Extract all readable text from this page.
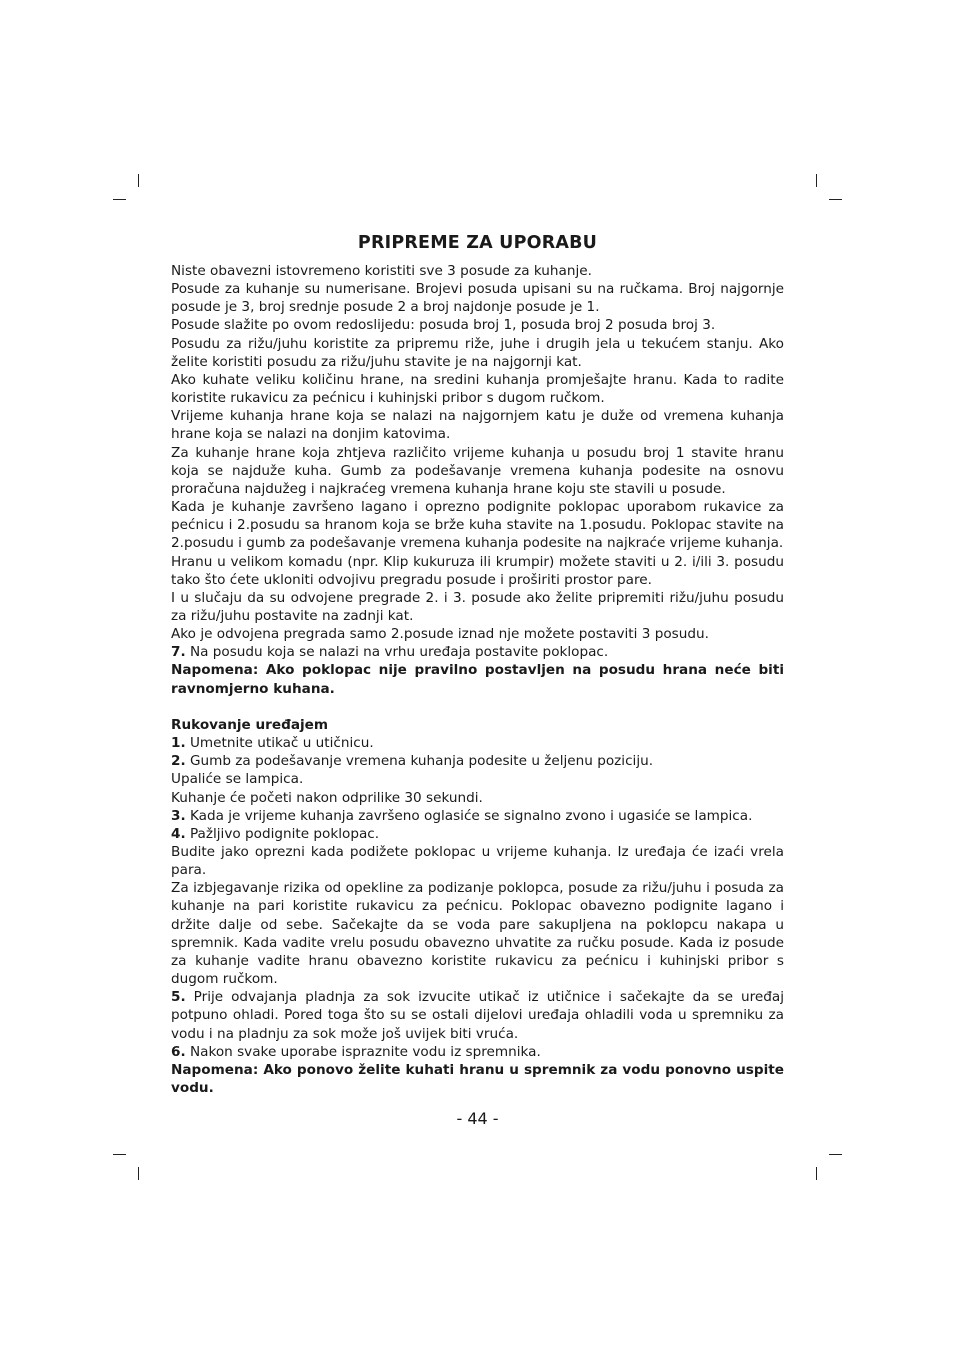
PRIPREME ZA UPORABU

Niste obavezni istovremeno koristiti sve 3 posude za kuhanje.

Posude za kuhanje su numerisane. Brojevi posuda upisani su na ručkama. Broj najgornje posude je 3, broj srednje posude 2 a broj najdonje posude je 1.

Posude slažite po ovom redoslijedu: posuda broj 1, posuda broj 2 posuda broj 3.

Posudu za rižu/juhu koristite za pripremu riže, juhe i drugih jela u tekućem stanju. Ako želite koristiti posudu za rižu/juhu stavite je na najgornji kat.

Ako kuhate veliku količinu hrane, na sredini kuhanja promješajte hranu. Kada to radite koristite rukavicu za pećnicu i kuhinjski pribor s dugom ručkom.

Vrijeme kuhanja hrane koja se nalazi na najgornjem katu je duže od vremena kuhanja hrane koja se nalazi na donjim katovima.

Za kuhanje hrane koja zhtjeva različito vrijeme kuhanja u posudu broj 1 stavite hranu koja se najduže kuha. Gumb za podešavanje vremena kuhanja podesite na osnovu proračuna najdužeg i najkraćeg vremena kuhanja hrane koju ste stavili u posude.

Kada je kuhanje završeno lagano i oprezno podignite poklopac uporabom rukavice za pećnicu i 2.posudu sa hranom koja se brže kuha stavite na 1.posudu. Poklopac stavite na 2.posudu i gumb za podešavanje vremena kuhanja podesite na najkraće vrijeme kuhanja.

Hranu u velikom komadu (npr. Klip kukuruza ili krumpir) možete staviti u 2. i/ili 3. posudu tako što ćete ukloniti odvojivu pregradu posude i proširiti prostor pare.

I u slučaju da su odvojene pregrade 2. i 3. posude ako želite pripremiti rižu/juhu posudu za rižu/juhu postavite na zadnji kat.

Ako je odvojena pregrada samo 2.posude iznad nje možete postaviti 3 posudu.

7. Na posudu koja se nalazi na vrhu uređaja postavite poklopac.

Napomena: Ako poklopac nije pravilno postavljen na posudu hrana neće biti ravnomjerno kuhana.

Rukovanje uređajem

1. Umetnite utikač u utičnicu.

2. Gumb za podešavanje vremena kuhanja podesite u željenu poziciju.

Upaliće se lampica.

Kuhanje će početi nakon odprilike 30 sekundi.

3. Kada je vrijeme kuhanja završeno oglasiće se signalno zvono i ugasiće se lampica.

4. Pažljivo podignite poklopac.

Budite jako oprezni kada podižete poklopac u vrijeme kuhanja. Iz uređaja će izaći vrela para.

Za izbjegavanje rizika od opekline za podizanje poklopca, posude za rižu/juhu i posuda za kuhanje na pari koristite rukavicu za pećnicu. Poklopac obavezno podignite lagano i držite dalje od sebe. Sačekajte da se voda pare sakupljena na poklopcu nakapa u spremnik. Kada vadite vrelu posudu obavezno uhvatite za ručku posude. Kada iz posude za kuhanje vadite hranu obavezno koristite rukavicu za pećnicu i kuhinjski pribor s dugom ručkom.

5. Prije odvajanja pladnja za sok izvucite utikač iz utičnice i sačekajte da se uređaj potpuno ohladi. Pored toga što su se ostali dijelovi uređaja ohladili voda u spremniku za vodu i na pladnju za sok može još uvijek biti vruća.

6. Nakon svake uporabe ispraznite vodu iz spremnika.

Napomena: Ako ponovo želite kuhati hranu u spremnik za vodu ponovno uspite vodu.

- 44 -
